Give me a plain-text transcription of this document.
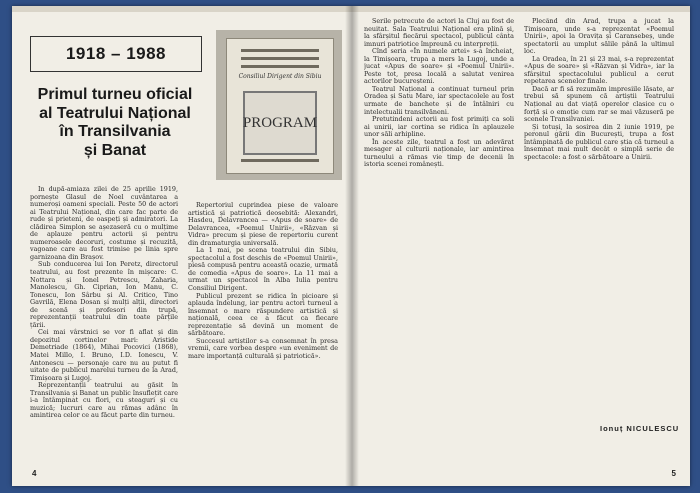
1918 – 1988
Primul turneu oficial
al Teatrului Național
în Transilvania
și Banat
Consiliul Dirigent din Sibiu
PROGRAM

În după-amiaza zilei de 25 aprilie 1919, pornește Glasul de Noel cuvântarea a numeroși oameni speciali. Peste 50 de actori ai Teatrului Național, din care fac parte de rude și prieteni, de oaspeți și admiratori. La clădirea Simplon se așezaseră cu o mulțime de aplauze pentru actorii și pentru numeroasele decoruri, costume și recuzită, vagoane care au fost trimise pe linia spre garnizoana din Brașov.

Sub conducerea lui Ion Peretz, directorul teatrului, au fost prezente în mișcare: C. Nottara și Ionel Petrescu, Zaharia, Manolescu, Gh. Ciprian, Ion Manu, C. Tonescu, Ion Sârbu și Al. Critico, Tino Gavrilă, Elena Dosan și mulți alții, directori de scenă și profesori din trupă, reprezentanții teatrului din toate părțile țării.

Cei mai vârstnici se vor fi aflat și din depozitul cortinelor mari: Aristide Demetriade (1864), Mihai Pocovici (1868), Matei Millo, I. Bruno, I.D. Ionescu, V. Antonescu — personaje care nu au putut fi uitate de publicul marelui turneu de la Arad, Timișoara și Lugoj.

Reprezentanții teatrului au găsit în Transilvania și Banat un public însuflețit care i-a întâmpinat cu flori, cu steaguri și cu muzică; lucruri care au rămas adânc în amintirea celor ce au făcut parte din turneu.

Repertoriul cuprindea piese de valoare artistică și patriotică deosebită: Alexandri, Hasdeu, Delavrancea — «Apus de soare» de Delavrancea, «Poemul Unirii», «Răzvan și Vidra» precum și piese de repertoriu curent din dramaturgia universală.

La 1 mai, pe scena teatrului din Sibiu, spectacolul a fost deschis de «Poemul Unirii», piesă compusă pentru această ocazie, urmată de comedia «Apus de soare». La 11 mai a urmat un spectacol în Alba Iulia pentru Consiliul Dirigent.

Publicul prezent se ridica în picioare și aplauda îndelung, iar pentru actori turneul a însemnat o mare răspundere artistică și națională, ceea ce a făcut ca fiecare reprezentație să devină un moment de sărbătoare.

Succesul artiștilor s-a consemnat în presa vremii, care vorbea despre «un eveniment de mare importanță culturală și patriotică».

4

Serile petrecute de actori la Cluj au fost de neuitat. Sala Teatrului Național era plină și, la sfârșitul fiecărui spectacol, publicul cânta imnuri patriotice împreună cu interpreții.

Cînd seria «În numele artei» s-a încheiat, la Timișoara, trupa a mers la Lugoj, unde a jucat «Apus de soare» și «Poemul Unirii». Peste tot, presa locală a salutat venirea actorilor bucureșteni.

Teatrul Național a continuat turneul prin Oradea și Satu Mare, iar spectacolele au fost urmate de banchete și de întâlniri cu intelectualii transilvăneni.

Pretutindeni actorii au fost primiți ca soli ai unirii, iar cortina se ridica în aplauzele unor săli arhipline.

În aceste zile, teatrul a fost un adevărat mesager al culturii naționale, iar amintirea turneului a rămas vie timp de decenii în istoria scenei românești.

Plecând din Arad, trupa a jucat la Timișoara, unde s-a reprezentat «Poemul Unirii», apoi la Oravița și Caransebeș, unde spectatorii au umplut sălile până la ultimul loc.

La Oradea, în 21 și 23 mai, s-a reprezentat «Apus de soare» și «Răzvan și Vidra», iar la sfârșitul spectacolului publicul a cerut repetarea scenelor finale.

Dacă ar fi să rezumăm impresiile lăsate, ar trebui să spunem că artiștii Teatrului Național au dat viață operelor clasice cu o forță și o emoție cum rar se mai văzuseră pe scenele Transilvaniei.

Și totuși, la sosirea din 2 iunie 1919, pe peronul gării din București, trupa a fost întâmpinată de publicul care știa că turneul a însemnat mai mult decât o simplă serie de spectacole: a fost o sărbătoare a Unirii.

Ionuț NICULESCU
5
